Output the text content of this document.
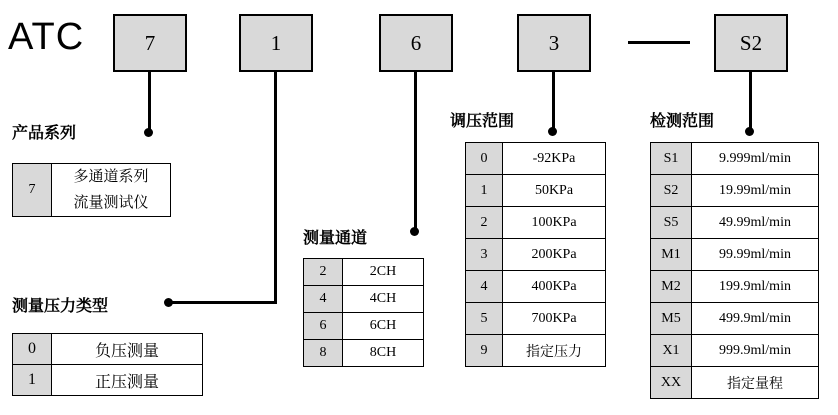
ATC	7	1	6	3	S2
产品系列
7	多通道系列
流量测试仪
测量压力类型
0	负压测量
1	正压测量
测量通道
2	2CH
4	4CH
6	6CH
8	8CH
调压范围
0	-92KPa
1	50KPa
2	100KPa
3	200KPa
4	400KPa
5	700KPa
9	指定压力
检测范围
S1	9.999ml/min
S2	19.99ml/min
S5	49.99ml/min
M1	99.99ml/min
M2	199.9ml/min
M5	499.9ml/min
X1	999.9ml/min
XX	指定量程
